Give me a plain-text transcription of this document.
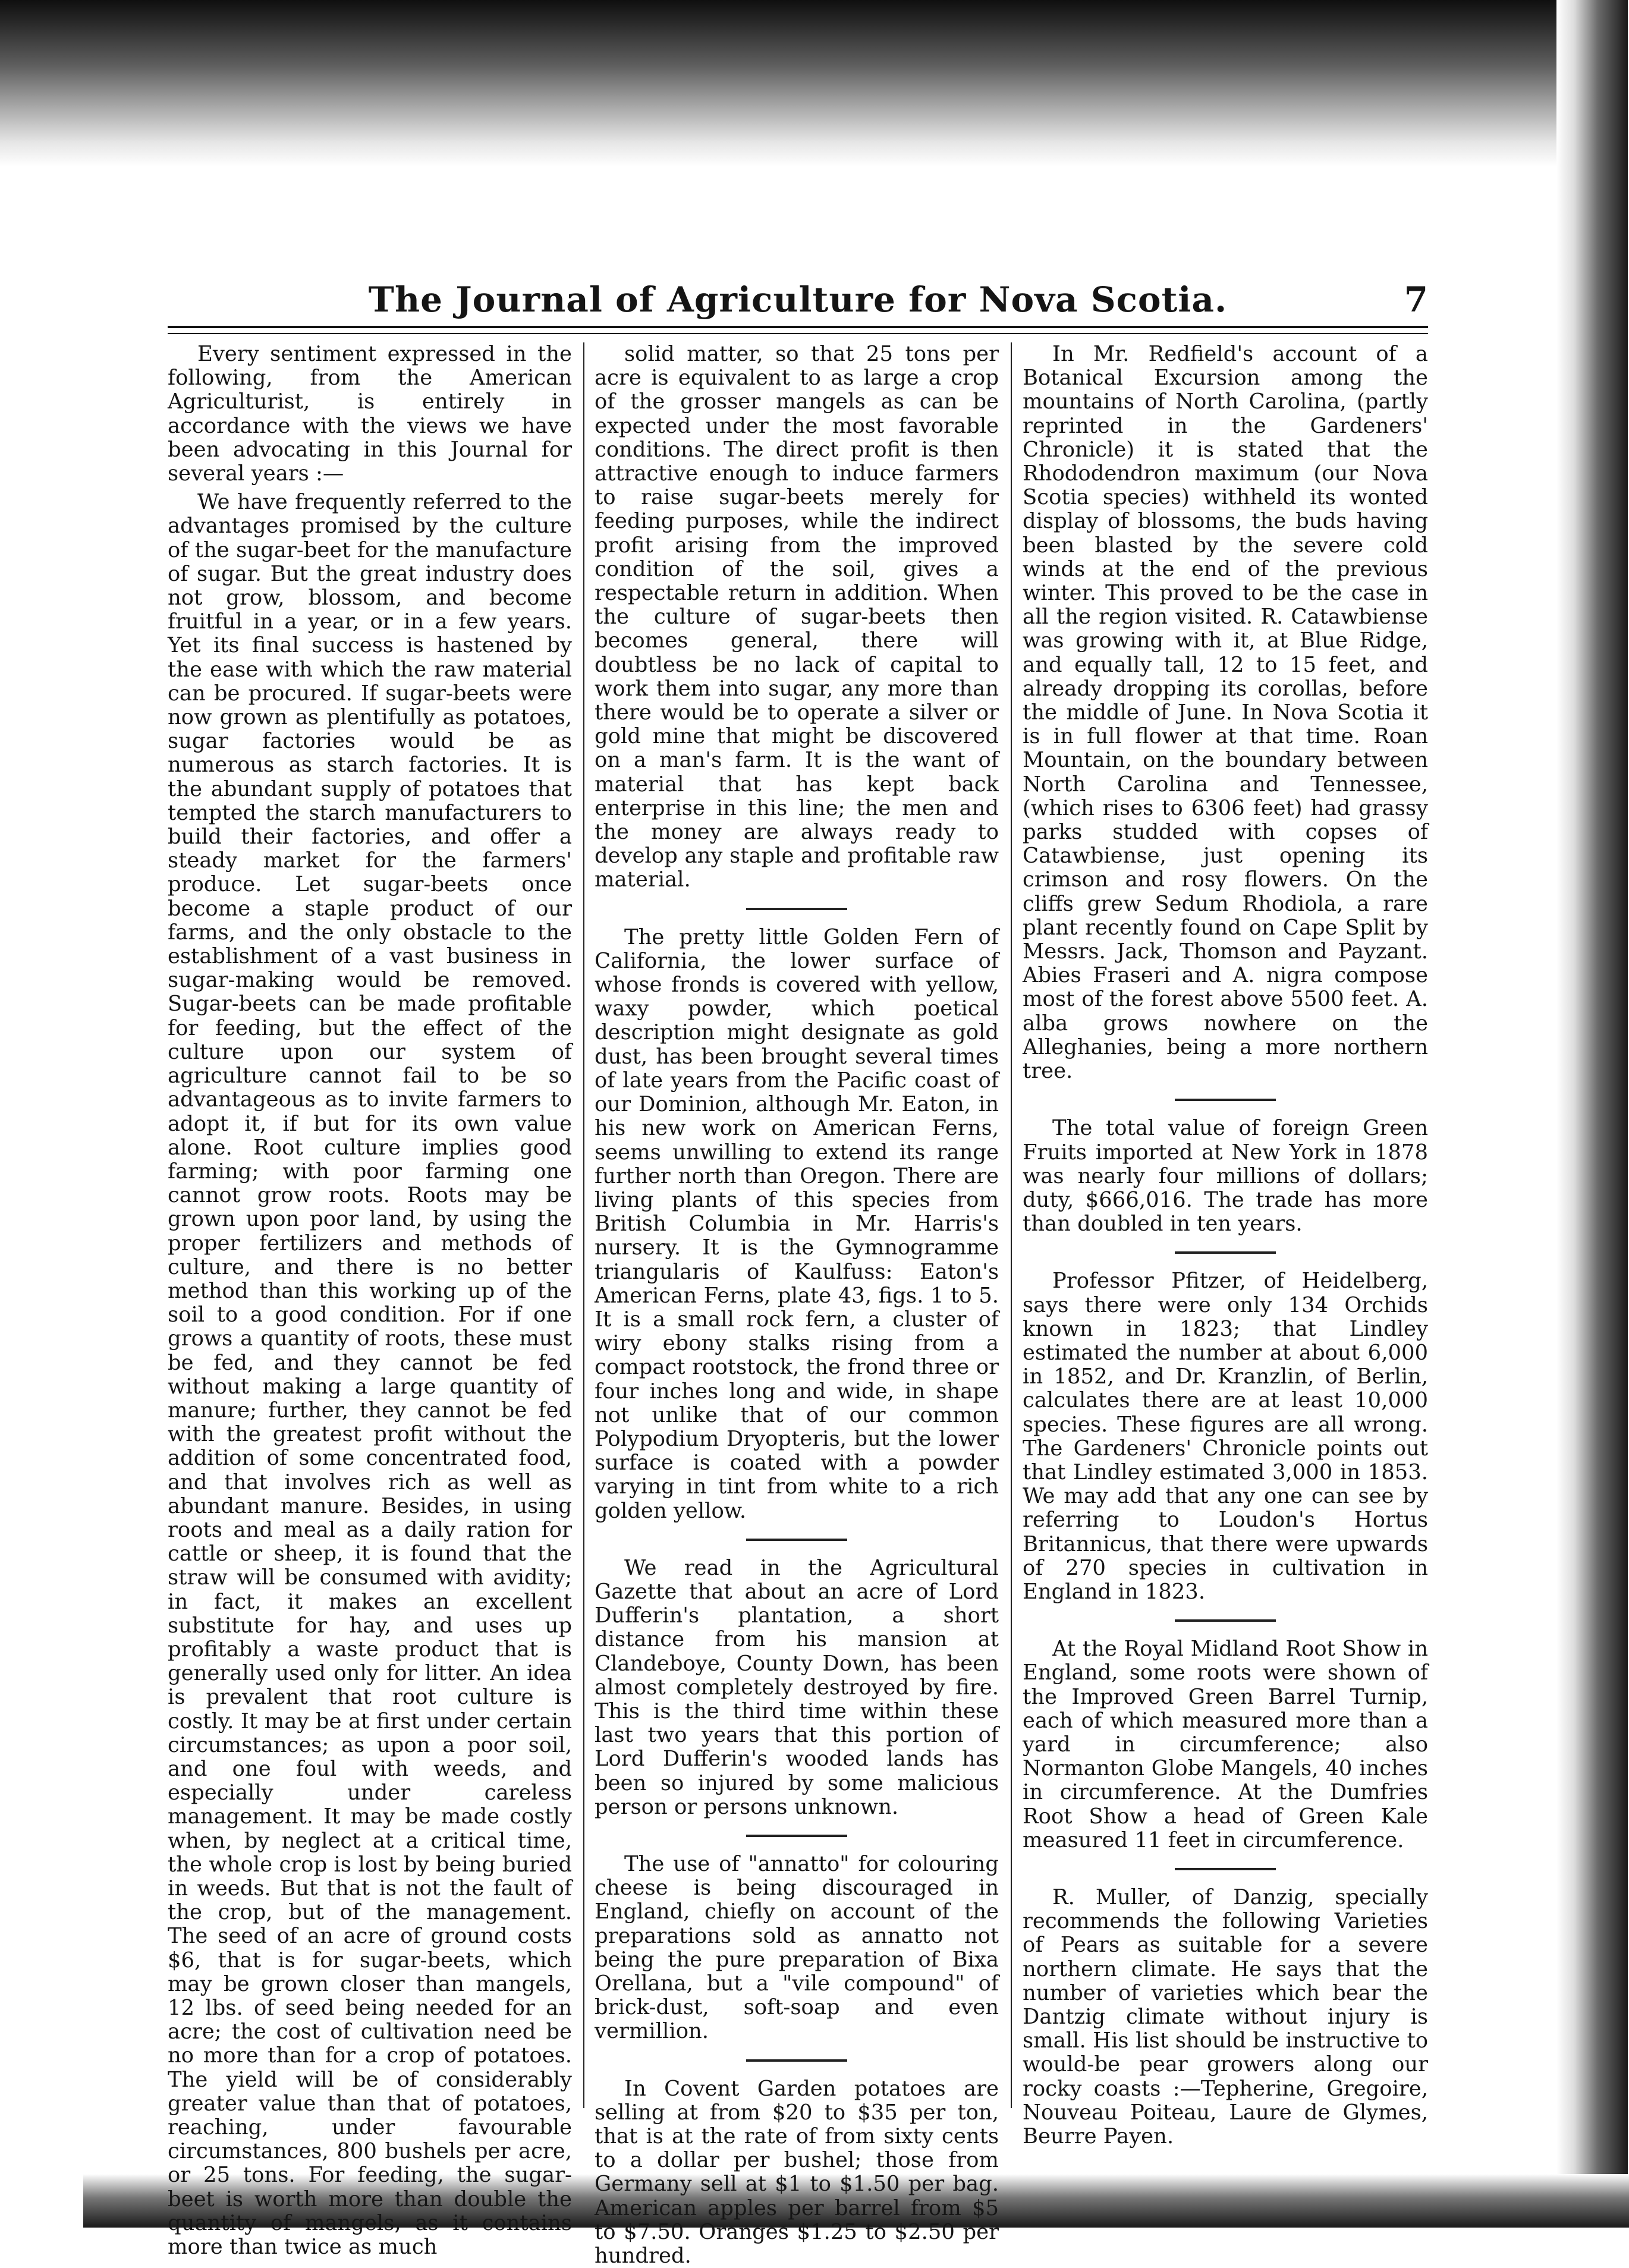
The Journal of Agriculture for Nova Scotia.	7

Every sentiment expressed in the following, from the American Agriculturist, is entirely in accordance with the views we have been advocating in this Journal for several years :—

We have frequently referred to the advantages promised by the culture of the sugar-beet for the manufacture of sugar. But the great industry does not grow, blossom, and become fruitful in a year, or in a few years. Yet its final success is hastened by the ease with which the raw material can be procured. If sugar-beets were now grown as plentifully as potatoes, sugar factories would be as numerous as starch factories. It is the abundant supply of potatoes that tempted the starch manufacturers to build their factories, and offer a steady market for the farmers' produce. Let sugar-beets once become a staple product of our farms, and the only obstacle to the establishment of a vast business in sugar-making would be removed. Sugar-beets can be made profitable for feeding, but the effect of the culture upon our system of agriculture cannot fail to be so advantageous as to invite farmers to adopt it, if but for its own value alone. Root culture implies good farming; with poor farming one cannot grow roots. Roots may be grown upon poor land, by using the proper fertilizers and methods of culture, and there is no better method than this working up of the soil to a good condition. For if one grows a quantity of roots, these must be fed, and they cannot be fed without making a large quantity of manure; further, they cannot be fed with the greatest profit without the addition of some concentrated food, and that involves rich as well as abundant manure. Besides, in using roots and meal as a daily ration for cattle or sheep, it is found that the straw will be consumed with avidity; in fact, it makes an excellent substitute for hay, and uses up profitably a waste product that is generally used only for litter. An idea is prevalent that root culture is costly. It may be at first under certain circumstances; as upon a poor soil, and one foul with weeds, and especially under careless management. It may be made costly when, by neglect at a critical time, the whole crop is lost by being buried in weeds. But that is not the fault of the crop, but of the management. The seed of an acre of ground costs $6, that is for sugar-beets, which may be grown closer than mangels, 12 lbs. of seed being needed for an acre; the cost of cultivation need be no more than for a crop of potatoes. The yield will be of considerably greater value than that of potatoes, reaching, under favourable circumstances, 800 bushels per acre, or 25 tons. For feeding, the sugar-beet is worth more than double the quantity of mangels, as it contains more than twice as much

solid matter, so that 25 tons per acre is equivalent to as large a crop of the grosser mangels as can be expected under the most favorable conditions. The direct profit is then attractive enough to induce farmers to raise sugar-beets merely for feeding purposes, while the indirect profit arising from the improved condition of the soil, gives a respectable return in addition. When the culture of sugar-beets then becomes general, there will doubtless be no lack of capital to work them into sugar, any more than there would be to operate a silver or gold mine that might be discovered on a man's farm. It is the want of material that has kept back enterprise in this line; the men and the money are always ready to develop any staple and profitable raw material.

The pretty little Golden Fern of California, the lower surface of whose fronds is covered with yellow, waxy powder, which poetical description might designate as gold dust, has been brought several times of late years from the Pacific coast of our Dominion, although Mr. Eaton, in his new work on American Ferns, seems unwilling to extend its range further north than Oregon. There are living plants of this species from British Columbia in Mr. Harris's nursery. It is the Gymnogramme triangularis of Kaulfuss: Eaton's American Ferns, plate 43, figs. 1 to 5. It is a small rock fern, a cluster of wiry ebony stalks rising from a compact rootstock, the frond three or four inches long and wide, in shape not unlike that of our common Polypodium Dryopteris, but the lower surface is coated with a powder varying in tint from white to a rich golden yellow.

We read in the Agricultural Gazette that about an acre of Lord Dufferin's plantation, a short distance from his mansion at Clandeboye, County Down, has been almost completely destroyed by fire. This is the third time within these last two years that this portion of Lord Dufferin's wooded lands has been so injured by some malicious person or persons unknown.

The use of "annatto" for colouring cheese is being discouraged in England, chiefly on account of the preparations sold as annatto not being the pure preparation of Bixa Orellana, but a "vile compound" of brick-dust, soft-soap and even vermillion.

In Covent Garden potatoes are selling at from $20 to $35 per ton, that is at the rate of from sixty cents to a dollar per bushel; those from Germany sell at $1 to $1.50 per bag. American apples per barrel from $5 to $7.50. Oranges $1.25 to $2.50 per hundred.

In Mr. Redfield's account of a Botanical Excursion among the mountains of North Carolina, (partly reprinted in the Gardeners' Chronicle) it is stated that the Rhododendron maximum (our Nova Scotia species) withheld its wonted display of blossoms, the buds having been blasted by the severe cold winds at the end of the previous winter. This proved to be the case in all the region visited. R. Catawbiense was growing with it, at Blue Ridge, and equally tall, 12 to 15 feet, and already dropping its corollas, before the middle of June. In Nova Scotia it is in full flower at that time. Roan Mountain, on the boundary between North Carolina and Tennessee, (which rises to 6306 feet) had grassy parks studded with copses of Catawbiense, just opening its crimson and rosy flowers. On the cliffs grew Sedum Rhodiola, a rare plant recently found on Cape Split by Messrs. Jack, Thomson and Payzant. Abies Fraseri and A. nigra compose most of the forest above 5500 feet. A. alba grows nowhere on the Alleghanies, being a more northern tree.

The total value of foreign Green Fruits imported at New York in 1878 was nearly four millions of dollars; duty, $666,016. The trade has more than doubled in ten years.

Professor Pfitzer, of Heidelberg, says there were only 134 Orchids known in 1823; that Lindley estimated the number at about 6,000 in 1852, and Dr. Kranzlin, of Berlin, calculates there are at least 10,000 species. These figures are all wrong. The Gardeners' Chronicle points out that Lindley estimated 3,000 in 1853. We may add that any one can see by referring to Loudon's Hortus Britannicus, that there were upwards of 270 species in cultivation in England in 1823.

At the Royal Midland Root Show in England, some roots were shown of the Improved Green Barrel Turnip, each of which measured more than a yard in circumference; also Normanton Globe Mangels, 40 inches in circumference. At the Dumfries Root Show a head of Green Kale measured 11 feet in circumference.

R. Muller, of Danzig, specially recommends the following Varieties of Pears as suitable for a severe northern climate. He says that the number of varieties which bear the Dantzig climate without injury is small. His list should be instructive to would-be pear growers along our rocky coasts :—Tepherine, Gregoire, Nouveau Poiteau, Laure de Glymes, Beurre Payen.
